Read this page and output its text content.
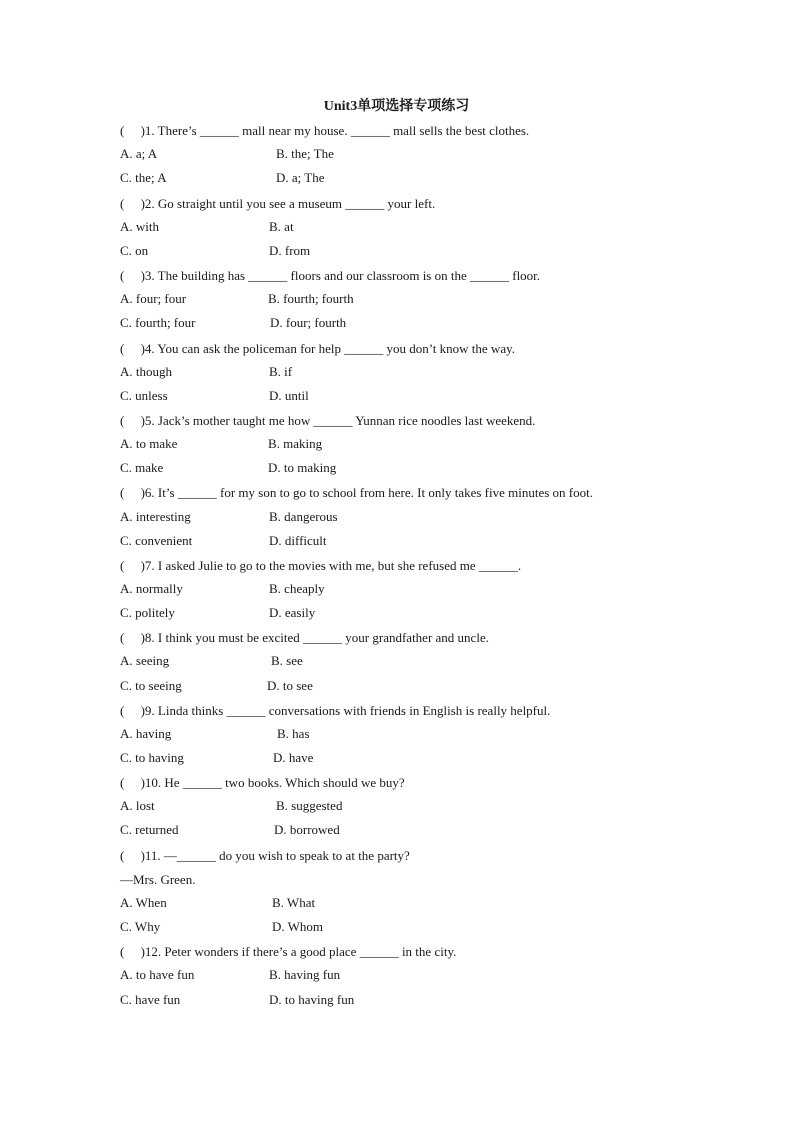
Unit3单项选择专项练习
(     )1. There’s ______ mall near my house. ______ mall sells the best clothes.
A. a; A	B. the; The
C. the; A	D. a; The
(     )2. Go straight until you see a museum ______ your left.
A. with	B. at
C. on	D. from
(     )3. The building has ______ floors and our classroom is on the ______ floor.
A. four; four	B. fourth; fourth
C. fourth; four	D. four; fourth
(     )4. You can ask the policeman for help ______ you don’t know the way.
A. though	B. if
C. unless	D. until
(     )5. Jack’s mother taught me how ______ Yunnan rice noodles last weekend.
A. to make	B. making
C. make	D. to making
(     )6. It’s ______ for my son to go to school from here. It only takes five minutes on foot.
A. interesting	B. dangerous
C. convenient	D. difficult
(     )7. I asked Julie to go to the movies with me, but she refused me ______.
A. normally	B. cheaply
C. politely	D. easily
(     )8. I think you must be excited ______ your grandfather and uncle.
A. seeing	B. see
C. to seeing	D. to see
(     )9. Linda thinks ______ conversations with friends in English is really helpful.
A. having	B. has
C. to having	D. have
(     )10. He ______ two books. Which should we buy?
A. lost	B. suggested
C. returned	D. borrowed
(     )11. —______ do you wish to speak to at the party?
—Mrs. Green.
A. When	B. What
C. Why	D. Whom
(     )12. Peter wonders if there’s a good place ______ in the city.
A. to have fun	B. having fun
C. have fun	D. to having fun
